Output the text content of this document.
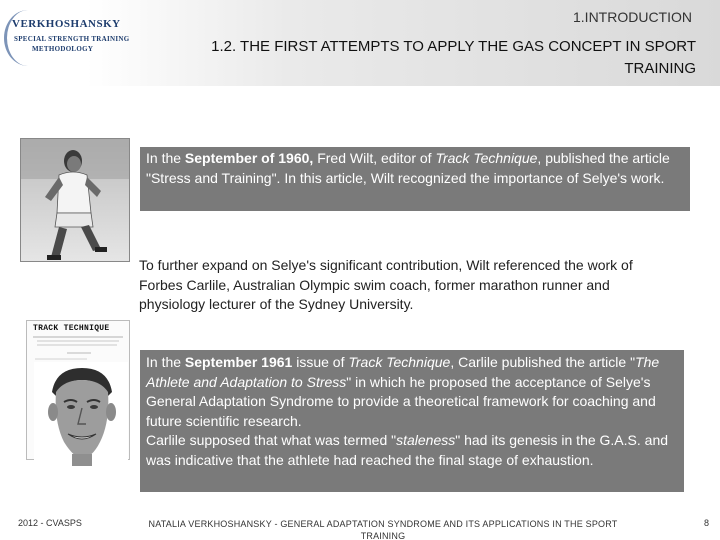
VERKHOSHANSKY
SPECIAL STRENGTH TRAINING
METHODOLOGY
1.INTRODUCTION
1.2. THE FIRST ATTEMPTS TO APPLY THE GAS CONCEPT IN SPORT TRAINING
In the September of 1960, Fred Wilt, editor of Track Technique, published the article "Stress and Training". In this article, Wilt recognized the importance of Selye's work.
To further expand on Selye's significant contribution, Wilt referenced the work of Forbes Carlile, Australian Olympic swim coach, former marathon runner and physiology lecturer of the Sydney University.
TRACK TECHNIQUE
In the September 1961 issue of Track Technique, Carlile published the article "The Athlete and Adaptation to Stress" in which he proposed the acceptance of Selye's General Adaptation Syndrome to provide a theoretical framework for coaching and future scientific research.
Carlile supposed that what was termed "staleness" had its genesis in the G.A.S. and was indicative that the athlete had reached the final stage of exhaustion.
2012 - CVASPS	NATALIA VERKHOSHANSKY - GENERAL ADAPTATION SYNDROME AND ITS APPLICATIONS IN THE SPORT TRAINING
8
